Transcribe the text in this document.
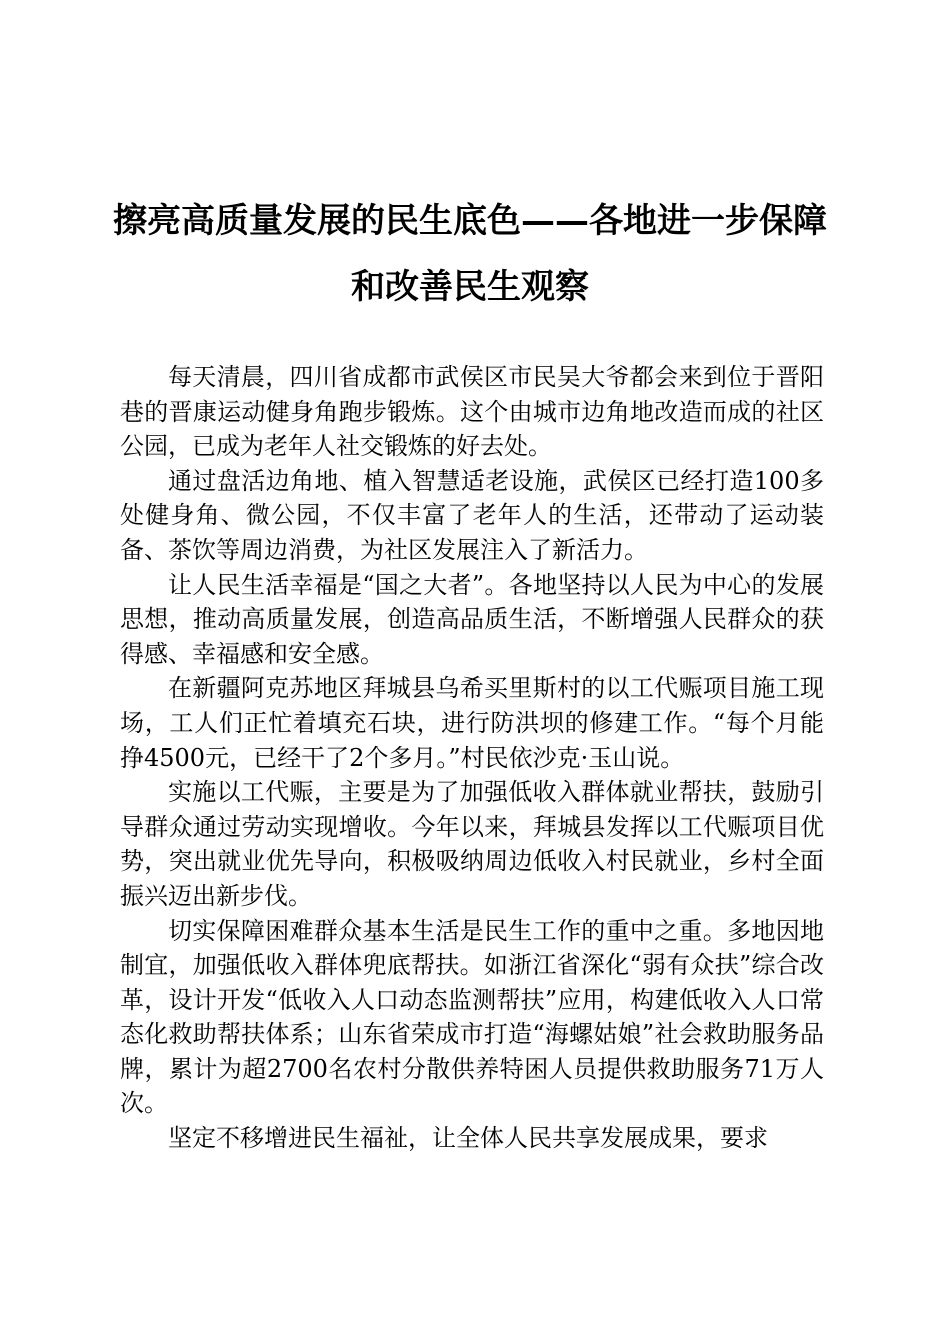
擦亮高质量发展的民生底色——各地进一步保障和改善民生观察

每天清晨，四川省成都市武侯区市民吴大爷都会来到位于晋阳巷的晋康运动健身角跑步锻炼。这个由城市边角地改造而成的社区公园，已成为老年人社交锻炼的好去处。

通过盘活边角地、植入智慧适老设施，武侯区已经打造100多处健身角、微公园，不仅丰富了老年人的生活，还带动了运动装备、茶饮等周边消费，为社区发展注入了新活力。

让人民生活幸福是“国之大者”。各地坚持以人民为中心的发展思想，推动高质量发展，创造高品质生活，不断增强人民群众的获得感、幸福感和安全感。

在新疆阿克苏地区拜城县乌希买里斯村的以工代赈项目施工现场，工人们正忙着填充石块，进行防洪坝的修建工作。“每个月能挣4500元，已经干了2个多月。”村民依沙克·玉山说。

实施以工代赈，主要是为了加强低收入群体就业帮扶，鼓励引导群众通过劳动实现增收。今年以来，拜城县发挥以工代赈项目优势，突出就业优先导向，积极吸纳周边低收入村民就业，乡村全面振兴迈出新步伐。

切实保障困难群众基本生活是民生工作的重中之重。多地因地制宜，加强低收入群体兜底帮扶。如浙江省深化“弱有众扶”综合改革，设计开发“低收入人口动态监测帮扶”应用，构建低收入人口常态化救助帮扶体系；山东省荣成市打造“海螺姑娘”社会救助服务品牌，累计为超2700名农村分散供养特困人员提供救助服务71万人次。

坚定不移增进民生福祉，让全体人民共享发展成果，要求
